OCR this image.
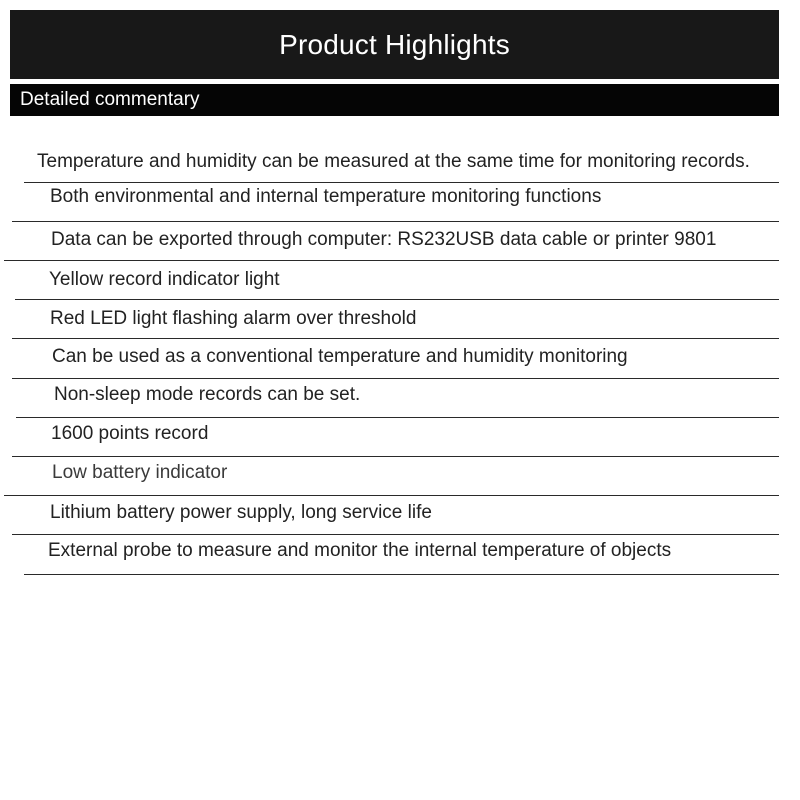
Product Highlights
Detailed commentary
Temperature and humidity can be measured at the same time for monitoring records.
Both environmental and internal temperature monitoring functions
Data can be exported through computer: RS232USB data cable or printer 9801
Yellow record indicator light
Red LED light flashing alarm over threshold
Can be used as a conventional temperature and humidity monitoring
Non-sleep mode records can be set.
1600 points record
Low battery indicator
Lithium battery power supply, long service life
External probe to measure and monitor the internal temperature of objects
